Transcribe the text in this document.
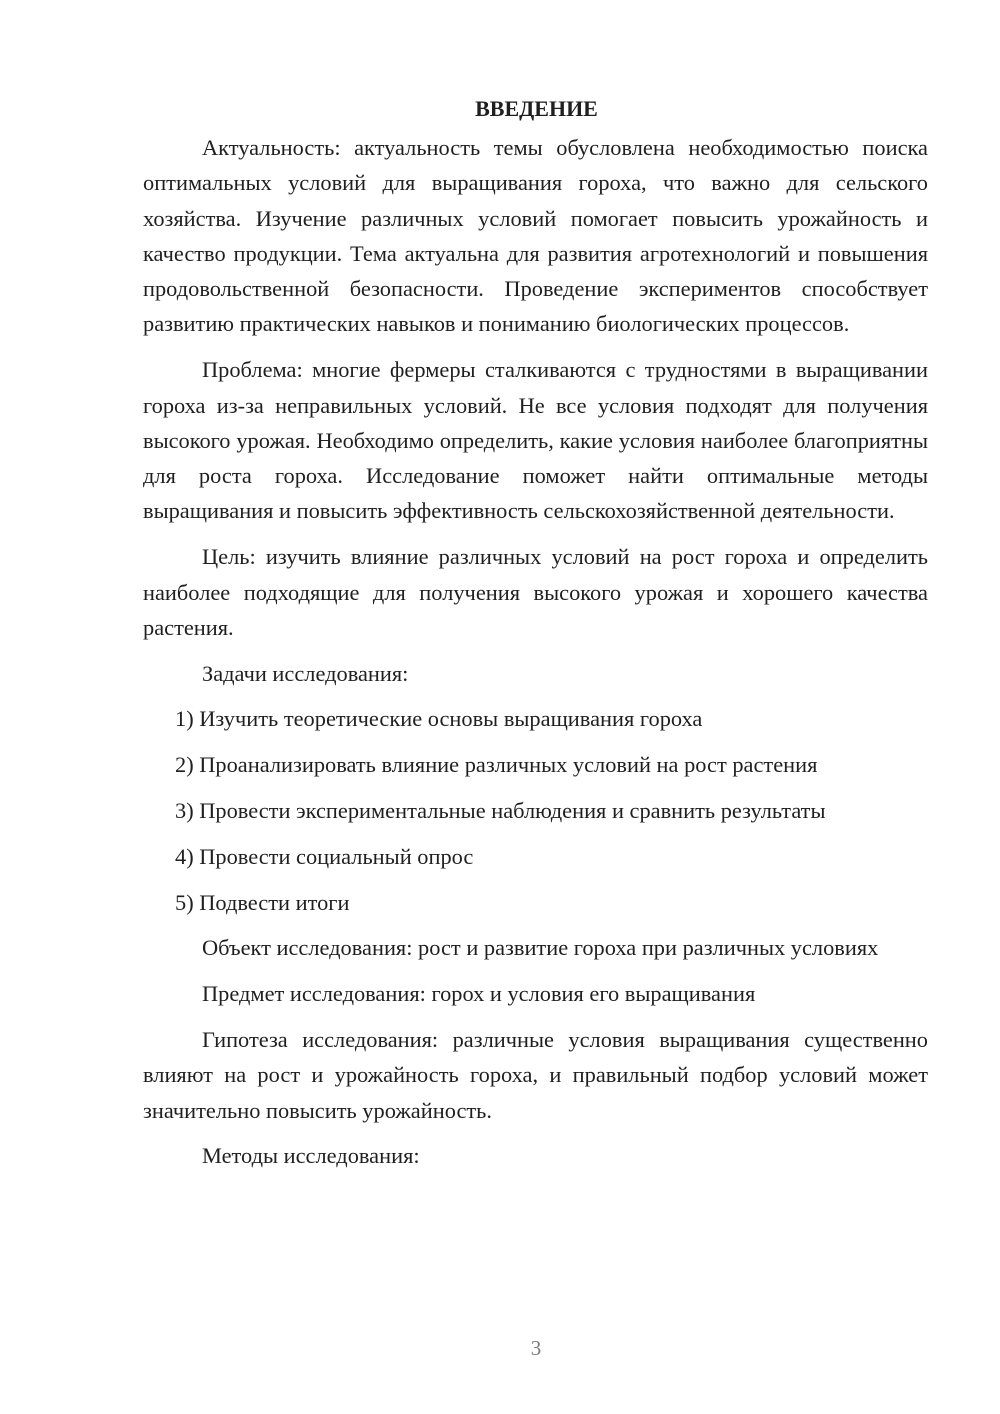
ВВЕДЕНИЕ

Актуальность: актуальность темы обусловлена необходимостью поиска оптимальных условий для выращивания гороха, что важно для сельского хозяйства. Изучение различных условий помогает повысить урожайность и качество продукции. Тема актуальна для развития агротехнологий и повышения продовольственной безопасности. Проведение экспериментов способствует развитию практических навыков и пониманию биологических процессов.

Проблема: многие фермеры сталкиваются с трудностями в выращивании гороха из-за неправильных условий. Не все условия подходят для получения высокого урожая. Необходимо определить, какие условия наиболее благоприятны для роста гороха. Исследование поможет найти оптимальные методы выращивания и повысить эффективность сельскохозяйственной деятельности.

Цель: изучить влияние различных условий на рост гороха и определить наиболее подходящие для получения высокого урожая и хорошего качества растения.

Задачи исследования:

1) Изучить теоретические основы выращивания гороха
2) Проанализировать влияние различных условий на рост растения
3) Провести экспериментальные наблюдения и сравнить результаты
4) Провести социальный опрос
5) Подвести итоги

Объект исследования: рост и развитие гороха при различных условиях

Предмет исследования: горох и условия его выращивания

Гипотеза исследования: различные условия выращивания существенно влияют на рост и урожайность гороха, и правильный подбор условий может значительно повысить урожайность.

Методы исследования:

3
